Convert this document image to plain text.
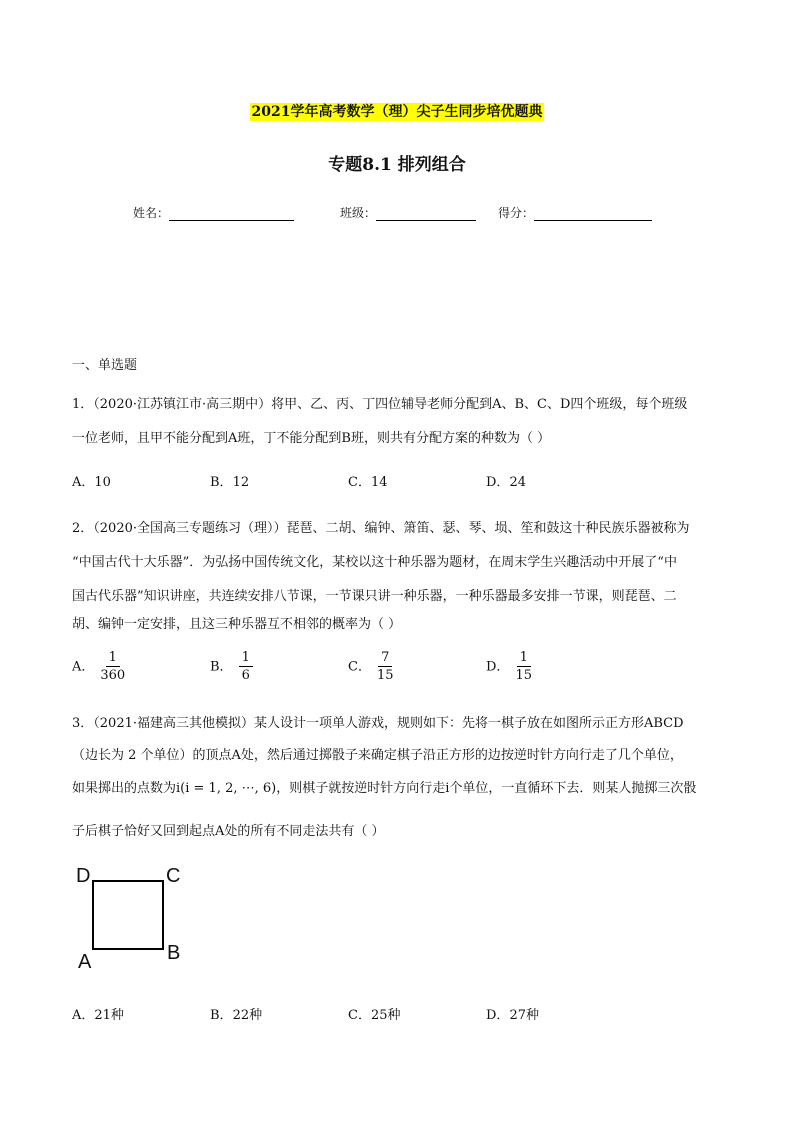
2021学年高考数学（理）尖子生同步培优题典
专题8.1 排列组合
姓名：	班级：	得分：
一、单选题
1．（2020·江苏镇江市·高三期中）将甲、乙、丙、丁四位辅导老师分配到A、B、C、D四个班级，每个班级
一位老师，且甲不能分配到A班，丁不能分配到B班，则共有分配方案的种数为（ ）
A．10	B．12	C．14	D．24
2．（2020·全国高三专题练习（理））琵琶、二胡、编钟、箫笛、瑟、琴、埙、笙和鼓这十种民族乐器被称为
“中国古代十大乐器”．为弘扬中国传统文化，某校以这十种乐器为题材，在周末学生兴趣活动中开展了“中
国古代乐器”知识讲座，共连续安排八节课，一节课只讲一种乐器，一种乐器最多安排一节课，则琵琶、二
胡、编钟一定安排，且这三种乐器互不相邻的概率为（ ）
A． $\frac{1}{360}$	B． $\frac{1}{6}$	C． $\frac{7}{15}$	D． $\frac{1}{15}$
3．（2021·福建高三其他模拟）某人设计一项单人游戏，规则如下：先将一棋子放在如图所示正方形ABCD
（边长为 2 个单位）的顶点A处，然后通过掷骰子来确定棋子沿正方形的边按逆时针方向行走了几个单位，
如果掷出的点数为i(i = 1, 2, ⋯, 6)，则棋子就按逆时针方向行走i个单位，一直循环下去．则某人抛掷三次骰
子后棋子恰好又回到起点A处的所有不同走法共有（ ）
D	C
A	B
A．21种	B．22种	C．25种	D．27种
